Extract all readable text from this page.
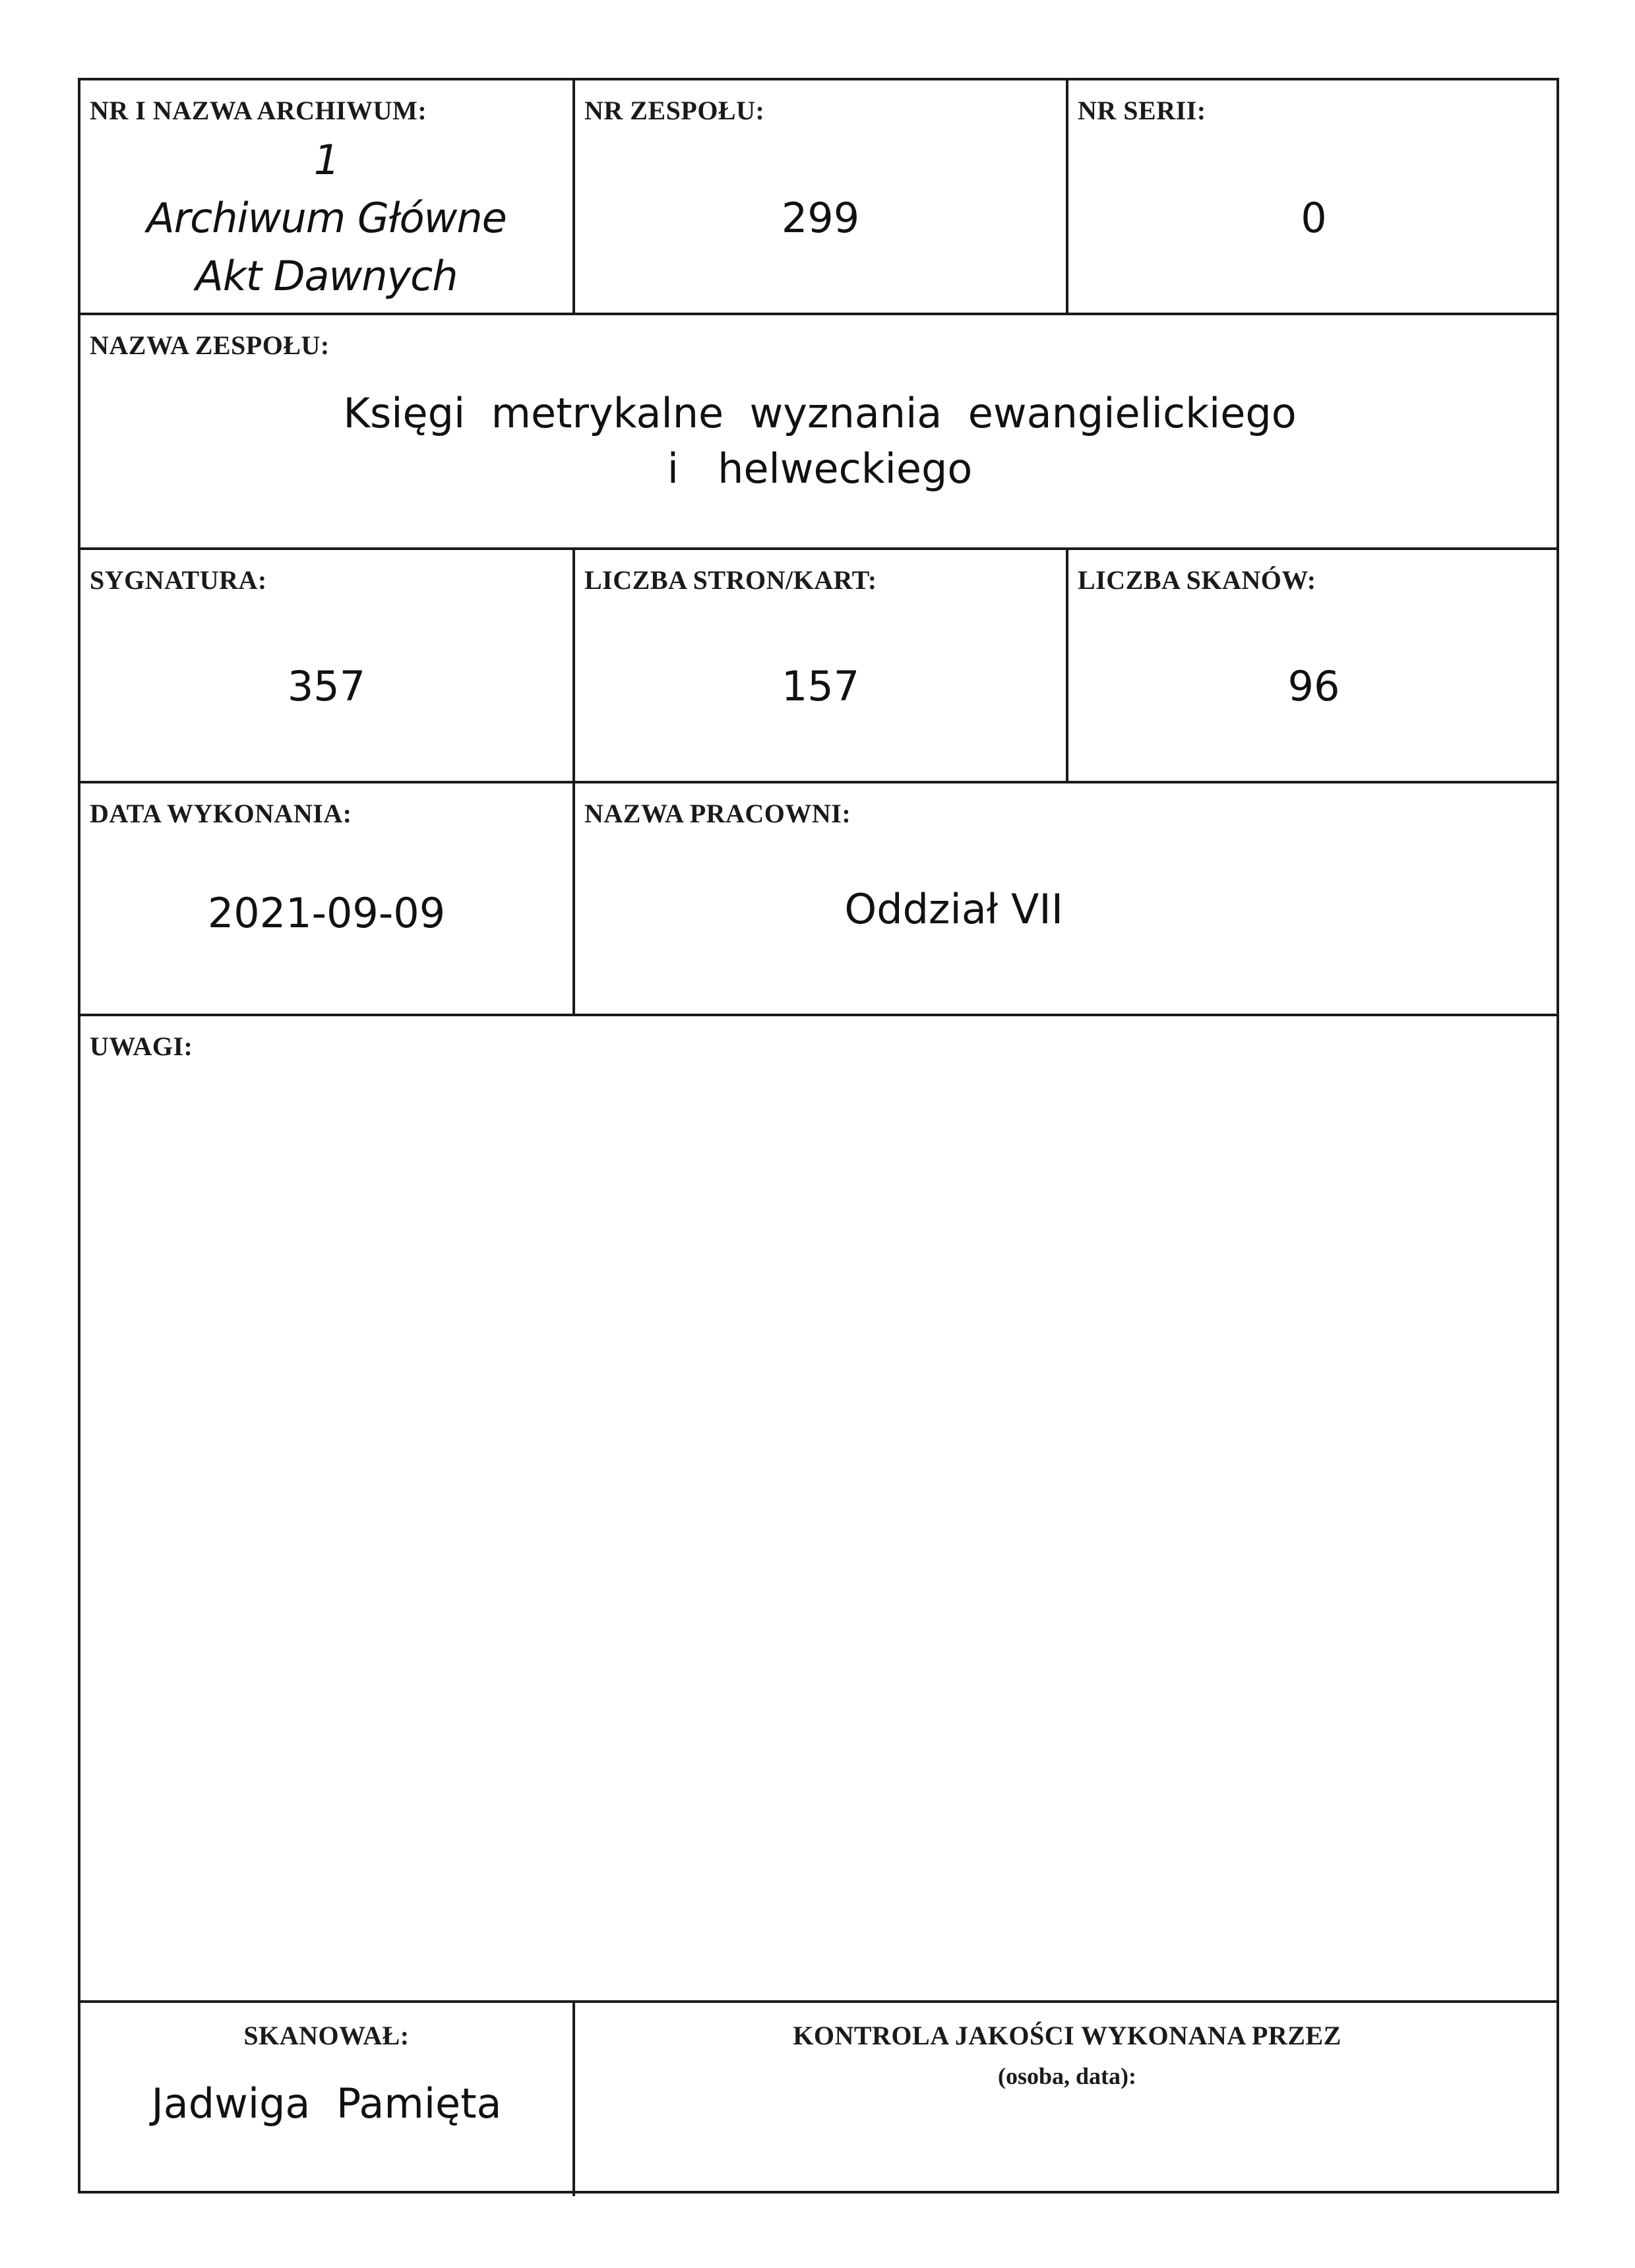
NR I NAZWA ARCHIWUM:
1
Archiwum Główne
Akt Dawnych
NR ZESPOŁU:
299
NR SERII:
0
NAZWA ZESPOŁU:
Księgi  metrykalne  wyznania  ewangielickiego
i   helweckiego
SYGNATURA:
357
LICZBA STRON/KART:
157
LICZBA SKANÓW:
96
DATA WYKONANIA:
2021-09-09
NAZWA PRACOWNI:
Oddział VII
UWAGI:
SKANOWAŁ:
Jadwiga  Pamięta
KONTROLA JAKOŚCI WYKONANA PRZEZ
(osoba, data):
